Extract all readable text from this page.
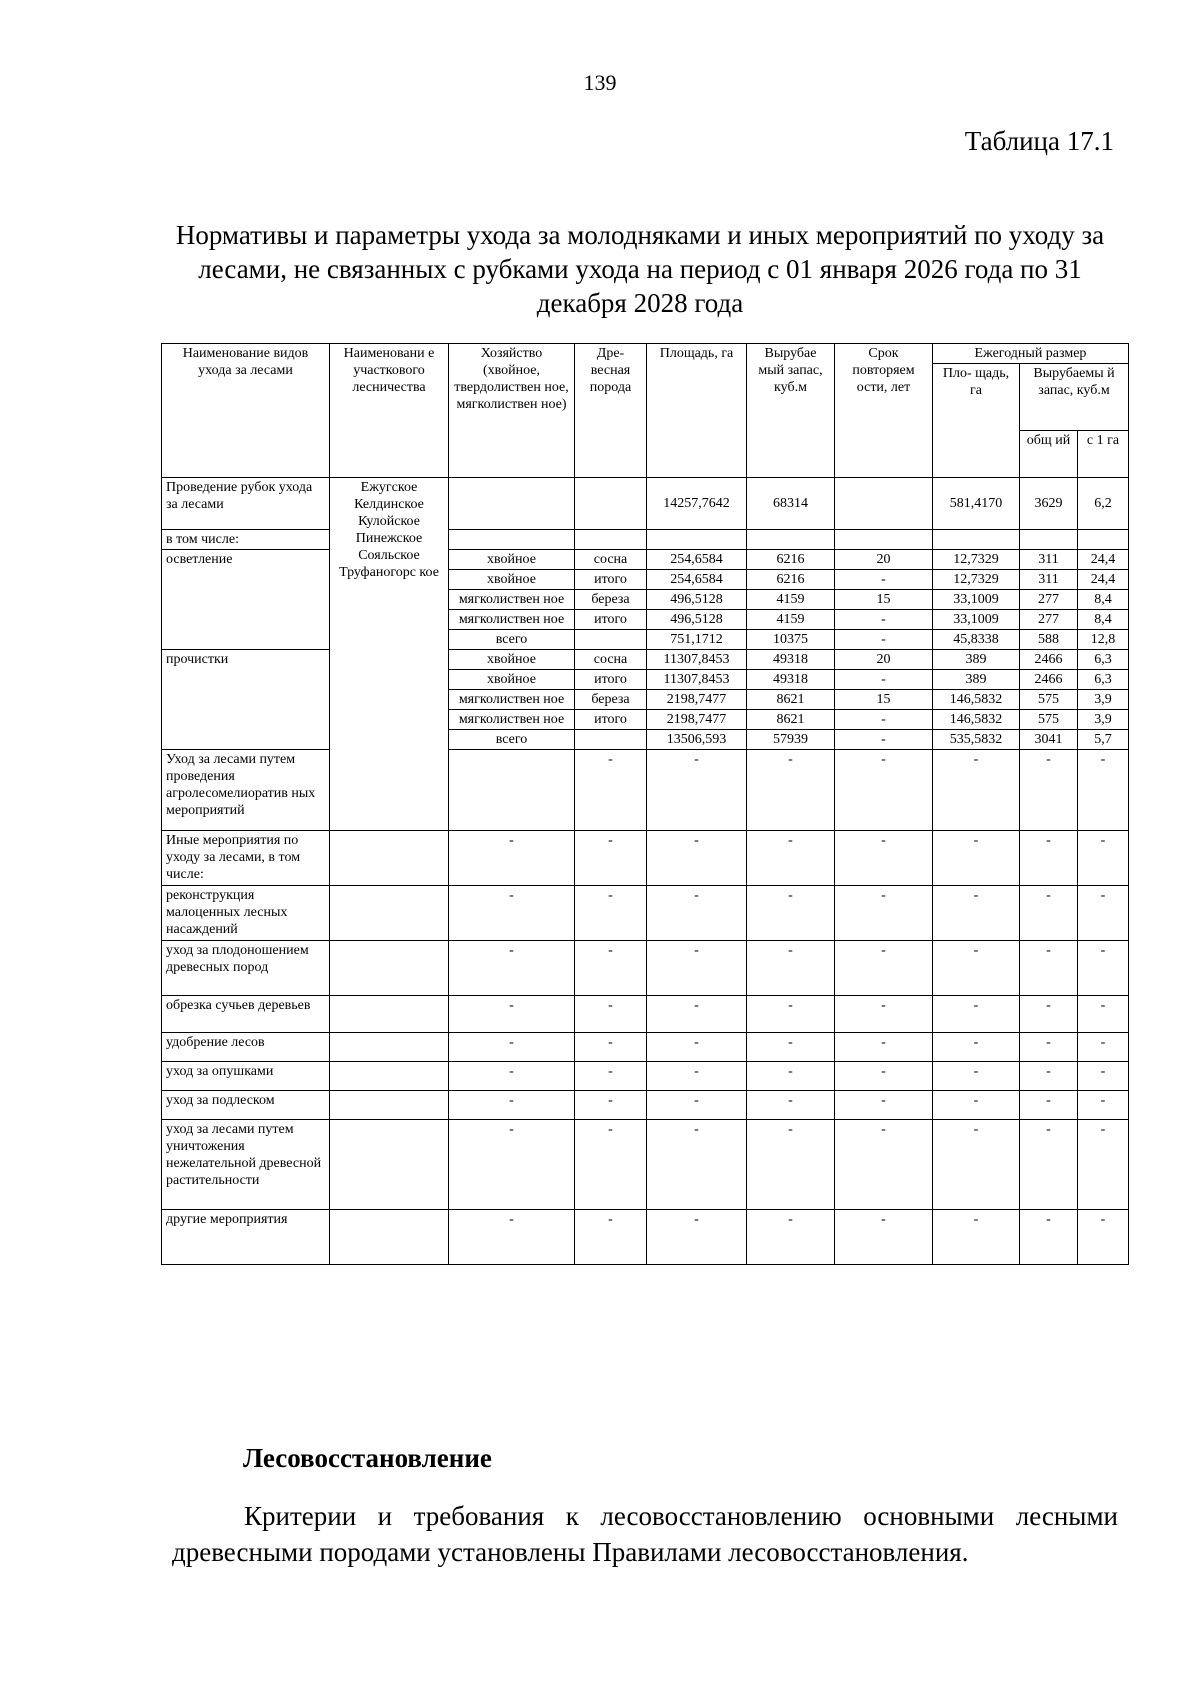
139
Таблица 17.1
Нормативы и параметры ухода за молодняками и иных мероприятий по уходу за лесами, не связанных с рубками ухода на период с 01 января 2026 года по 31 декабря 2028 года
Наименование видов ухода за лесами	Наименовани е участкового лесничества	Хозяйство (хвойное, твердолиствен ное, мягколиствен ное)	Дре- весная порода	Площадь, га	Вырубае мый запас, куб.м	Срок повторяем ости, лет	Ежегодный размер			
							Пло- щадь, га	Вырубаемы й запас, куб.м		
								общ ий	с 1 га	
Проведение рубок ухода за лесами	Ежугское Келдинское Кулойское Пинежское Сояльское Труфаногорс кое			14257,7642	68314		581,4170	3629	6,2	
в том числе:										
осветление		хвойное	сосна	254,6584	6216	20	12,7329	311	24,4	
		хвойное	итого	254,6584	6216	-	12,7329	311	24,4	
		мягколиствен ное	береза	496,5128	4159	15	33,1009	277	8,4	
		мягколиствен ное	итого	496,5128	4159	-	33,1009	277	8,4	
		всего		751,1712	10375	-	45,8338	588	12,8	
прочистки		хвойное	сосна	11307,8453	49318	20	389	2466	6,3	
		хвойное	итого	11307,8453	49318	-	389	2466	6,3	
		мягколиствен ное	береза	2198,7477	8621	15	146,5832	575	3,9	
		мягколиствен ное	итого	2198,7477	8621	-	146,5832	575	3,9	
		всего		13506,593	57939	-	535,5832	3041	5,7	
Уход за лесами путем проведения агролесомелиоратив ных мероприятий			-	-	-	-	-	-	-	
Иные мероприятия по уходу за лесами, в том числе:		-	-	-	-	-	-	-	-	
реконструкция малоценных лесных насаждений		-	-	-	-	-	-	-	-	
уход за плодоношением древесных пород		-	-	-	-	-	-	-	-	
обрезка сучьев деревьев		-	-	-	-	-	-	-	-	
удобрение лесов		-	-	-	-	-	-	-	-	
уход за опушками		-	-	-	-	-	-	-	-	
уход за подлеском		-	-	-	-	-	-	-	-	
уход за лесами путем уничтожения нежелательной древесной растительности		-	-	-	-	-	-	-	-	
другие мероприятия		-	-	-	-	-	-	-	-	
Лесовосстановление
Критерии и требования к лесовосстановлению основными лесными древесными породами установлены Правилами лесовосстановления.
